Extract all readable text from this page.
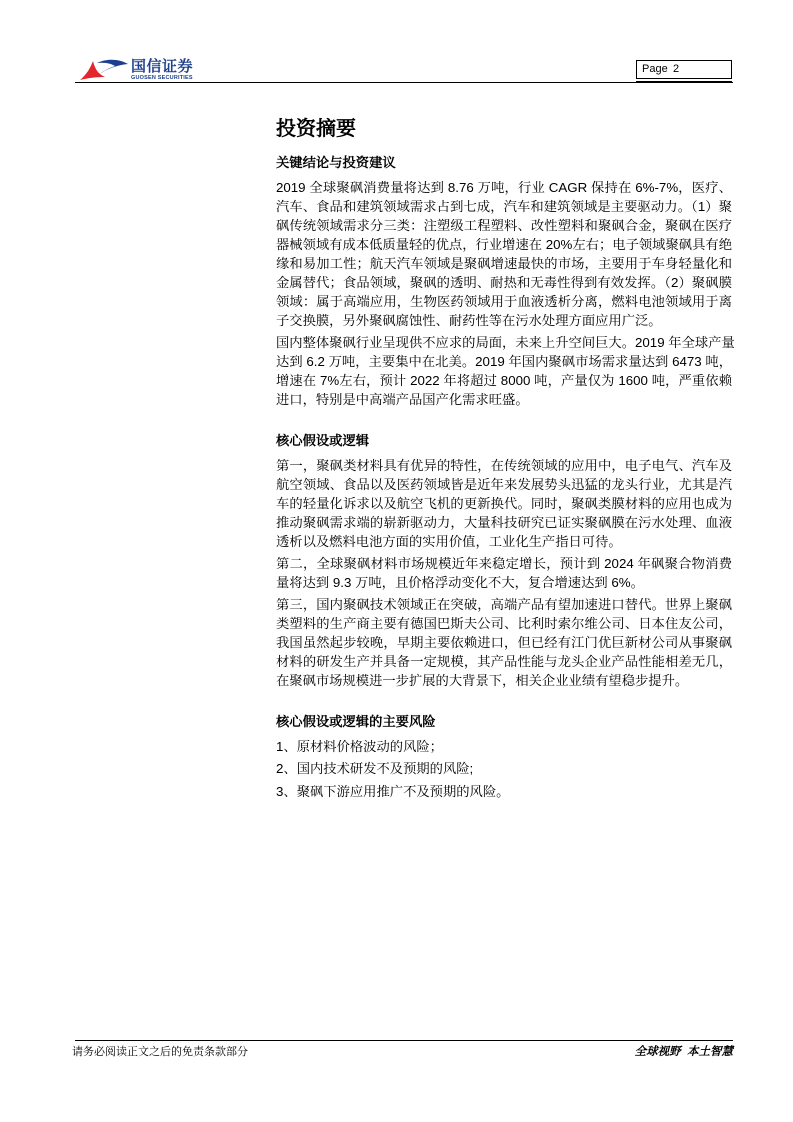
国信证券
GUOSEN SECURITIES
Page 2
投资摘要
关键结论与投资建议
2019 全球聚砜消费量将达到 8.76 万吨，行业 CAGR 保持在 6%-7%，医疗、
汽车、食品和建筑领域需求占到七成，汽车和建筑领域是主要驱动力。（1）聚
砜传统领域需求分三类：注塑级工程塑料、改性塑料和聚砜合金，聚砜在医疗
器械领域有成本低质量轻的优点，行业增速在 20%左右；电子领域聚砜具有绝
缘和易加工性；航天汽车领域是聚砜增速最快的市场，主要用于车身轻量化和
金属替代；食品领域，聚砜的透明、耐热和无毒性得到有效发挥。（2）聚砜膜
领域：属于高端应用，生物医药领域用于血液透析分离，燃料电池领域用于离
子交换膜，另外聚砜腐蚀性、耐药性等在污水处理方面应用广泛。
国内整体聚砜行业呈现供不应求的局面，未来上升空间巨大。2019 年全球产量
达到 6.2 万吨，主要集中在北美。2019 年国内聚砜市场需求量达到 6473 吨，
增速在 7%左右，预计 2022 年将超过 8000 吨，产量仅为 1600 吨，严重依赖
进口，特别是中高端产品国产化需求旺盛。
核心假设或逻辑
第一，聚砜类材料具有优异的特性，在传统领域的应用中，电子电气、汽车及
航空领域、食品以及医药领域皆是近年来发展势头迅猛的龙头行业，尤其是汽
车的轻量化诉求以及航空飞机的更新换代。同时，聚砜类膜材料的应用也成为
推动聚砜需求端的崭新驱动力，大量科技研究已证实聚砜膜在污水处理、血液
透析以及燃料电池方面的实用价值，工业化生产指日可待。
第二，全球聚砜材料市场规模近年来稳定增长，预计到 2024 年砜聚合物消费
量将达到 9.3 万吨，且价格浮动变化不大，复合增速达到 6%。
第三，国内聚砜技术领域正在突破，高端产品有望加速进口替代。世界上聚砜
类塑料的生产商主要有德国巴斯夫公司、比利时索尔维公司、日本住友公司，
我国虽然起步较晚，早期主要依赖进口，但已经有江门优巨新材公司从事聚砜
材料的研发生产并具备一定规模，其产品性能与龙头企业产品性能相差无几，
在聚砜市场规模进一步扩展的大背景下，相关企业业绩有望稳步提升。
核心假设或逻辑的主要风险
1、原材料价格波动的风险；
2、国内技术研发不及预期的风险;
3、聚砜下游应用推广不及预期的风险。
请务必阅读正文之后的免责条款部分	全球视野  本土智慧
